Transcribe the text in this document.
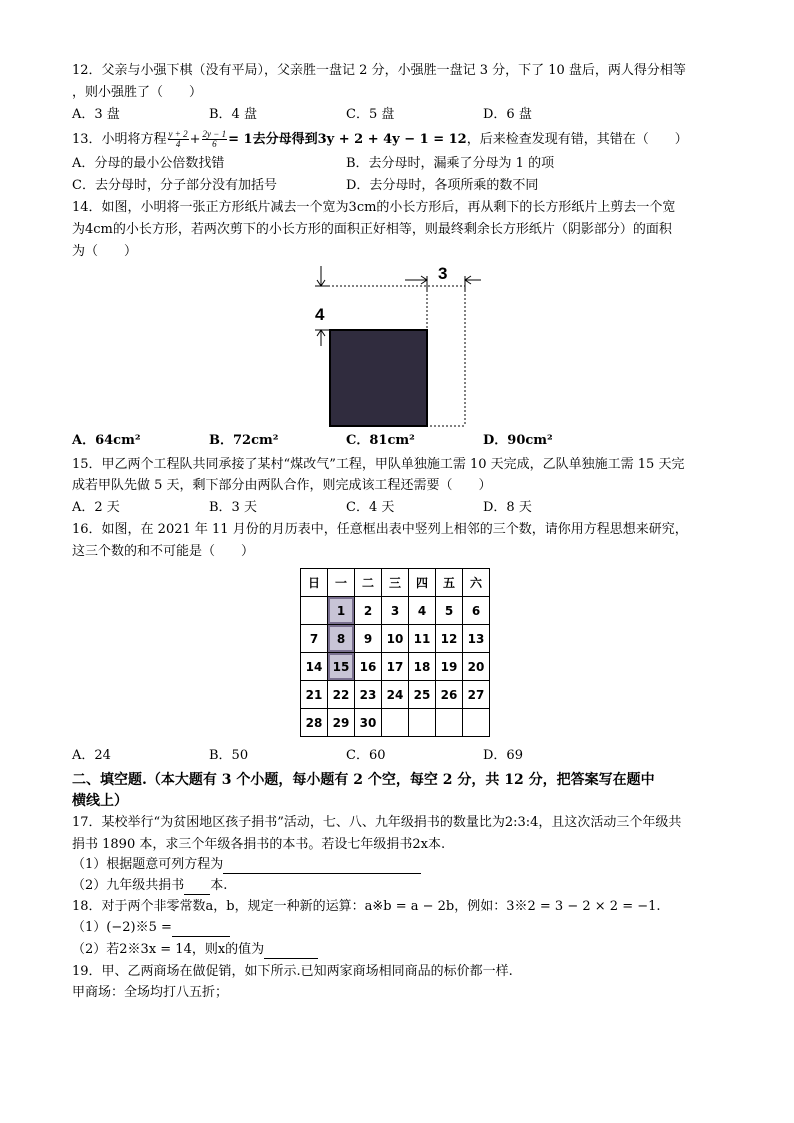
12．父亲与小强下棋（没有平局），父亲胜一盘记 2 分，小强胜一盘记 3 分，下了 10 盘后，两人得分相等
，则小强胜了（　　）
A．3 盘	B．4 盘	C．5 盘	D．6 盘
13．小明将方程 $\frac{y + 2}{4} + \frac{2y - 1}{6} = 1$去分母得到3y + 2 + 4y − 1 = 12，后来检查发现有错，其错在（　　）
A．分母的最小公倍数找错	B．去分母时，漏乘了分母为 1 的项
C．去分母时，分子部分没有加括号	D．去分母时，各项所乘的数不同
14．如图，小明将一张正方形纸片减去一个宽为3cm的小长方形后，再从剩下的长方形纸片上剪去一个宽
为4cm的小长方形，若两次剪下的小长方形的面积正好相等，则最终剩余长方形纸片（阴影部分）的面积
为（　　）
3
4
A．64cm²	B．72cm²	C．81cm²	D．90cm²
15．甲乙两个工程队共同承接了某村“煤改气”工程，甲队单独施工需 10 天完成，乙队单独施工需 15 天完
成若甲队先做 5 天，剩下部分由两队合作，则完成该工程还需要（　　）
A．2 天	B．3 天	C．4 天	D．8 天
16．如图，在 2021 年 11 月份的月历表中，任意框出表中竖列上相邻的三个数，请你用方程思想来研究，
这三个数的和不可能是（　　）
日	一	二	三	四	五	六
	1	2	3	4	5	6
7	8	9	10	11	12	13
14	15	16	17	18	19	20
21	22	23	24	25	26	27
28	29	30				
A．24	B．50	C．60	D．69
二、填空题.（本大题有 3 个小题，每小题有 2 个空，每空 2 分，共 12 分，把答案写在题中
横线上）
17．某校举行“为贫困地区孩子捐书”活动，七、八、九年级捐书的数量比为2:3:4，且这次活动三个年级共
捐书 1890 本，求三个年级各捐书的本书。若设七年级捐书2x本.
（1）根据题意可列方程为
（2）九年级共捐书 本.
18．对于两个非零常数a，b，规定一种新的运算：a※b = a − 2b，例如：3※2 = 3 − 2 × 2 = −1.
（1）(−2)※5 =
（2）若2※3x = 14，则x的值为
19．甲、乙两商场在做促销，如下所示.已知两家商场相同商品的标价都一样.
甲商场：全场均打八五折；
